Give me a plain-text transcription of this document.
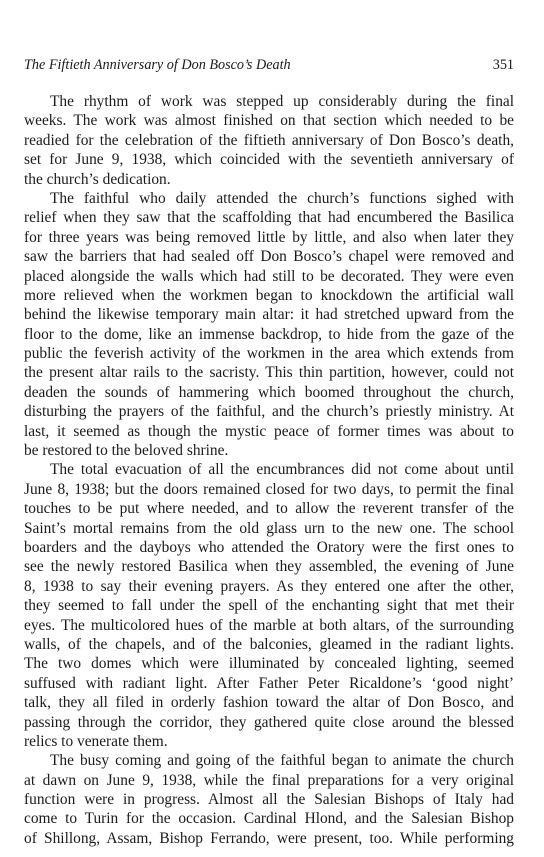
The Fiftieth Anniversary of Don Bosco’s Death	351
The rhythm of work was stepped up considerably during the final
weeks. The work was almost finished on that section which needed to be
readied for the celebration of the fiftieth anniversary of Don Bosco’s death,
set for June 9, 1938, which coincided with the seventieth anniversary of
the church’s dedication.
The faithful who daily attended the church’s functions sighed with
relief when they saw that the scaffolding that had encumbered the Basilica
for three years was being removed little by little, and also when later they
saw the barriers that had sealed off Don Bosco’s chapel were removed and
placed alongside the walls which had still to be decorated. They were even
more relieved when the workmen began to knockdown the artificial wall
behind the likewise temporary main altar: it had stretched upward from the
floor to the dome, like an immense backdrop, to hide from the gaze of the
public the feverish activity of the workmen in the area which extends from
the present altar rails to the sacristy. This thin partition, however, could not
deaden the sounds of hammering which boomed throughout the church,
disturbing the prayers of the faithful, and the church’s priestly ministry. At
last, it seemed as though the mystic peace of former times was about to
be restored to the beloved shrine.
The total evacuation of all the encumbrances did not come about until
June 8, 1938; but the doors remained closed for two days, to permit the final
touches to be put where needed, and to allow the reverent transfer of the
Saint’s mortal remains from the old glass urn to the new one. The school
boarders and the dayboys who attended the Oratory were the first ones to
see the newly restored Basilica when they assembled, the evening of June
8, 1938 to say their evening prayers. As they entered one after the other,
they seemed to fall under the spell of the enchanting sight that met their
eyes. The multicolored hues of the marble at both altars, of the surrounding
walls, of the chapels, and of the balconies, gleamed in the radiant lights.
The two domes which were illuminated by concealed lighting, seemed
suffused with radiant light. After Father Peter Ricaldone’s ‘good night’
talk, they all filed in orderly fashion toward the altar of Don Bosco, and
passing through the corridor, they gathered quite close around the blessed
relics to venerate them.
The busy coming and going of the faithful began to animate the church
at dawn on June 9, 1938, while the final preparations for a very original
function were in progress. Almost all the Salesian Bishops of Italy had
come to Turin for the occasion. Cardinal Hlond, and the Salesian Bishop
of Shillong, Assam, Bishop Ferrando, were present, too. While performing
